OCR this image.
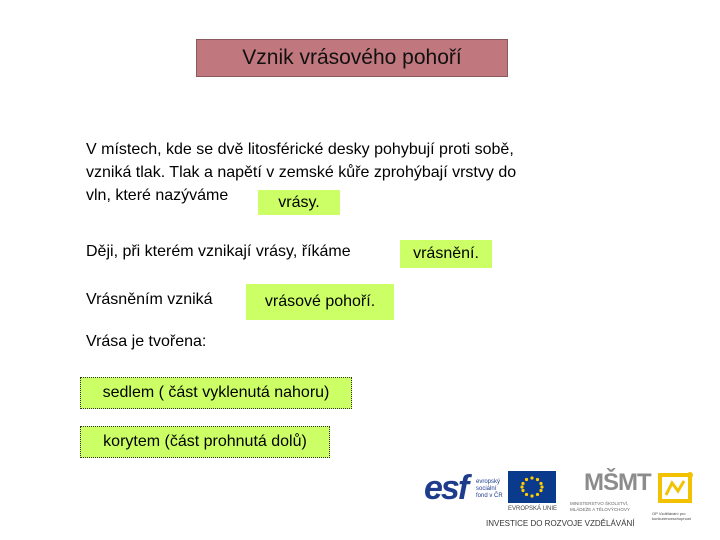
Vznik vrásového pohoří
V místech, kde se dvě litosférické desky pohybují proti sobě,
vzniká tlak. Tlak a napětí v zemské kůře zprohýbají vrstvy do
vln, které nazýváme	vrásy.
Ději, při kterém vznikají vrásy, říkáme	vrásnění.
Vrásněním vzniká	vrásové pohoří.
Vrása je tvořena:
sedlem ( část vyklenutá nahoru)
korytem (část prohnutá dolů)
esf evropský
sociální
fond v ČR
EVROPSKÁ UNIE
MŠMT
MINISTERSTVO ŠKOLSTVÍ, MLÁDEŽE A TĚLOVÝCHOVY
OP Vzdělávání pro konkurenceschopnost
INVESTICE DO ROZVOJE VZDĚLÁVÁNÍ
